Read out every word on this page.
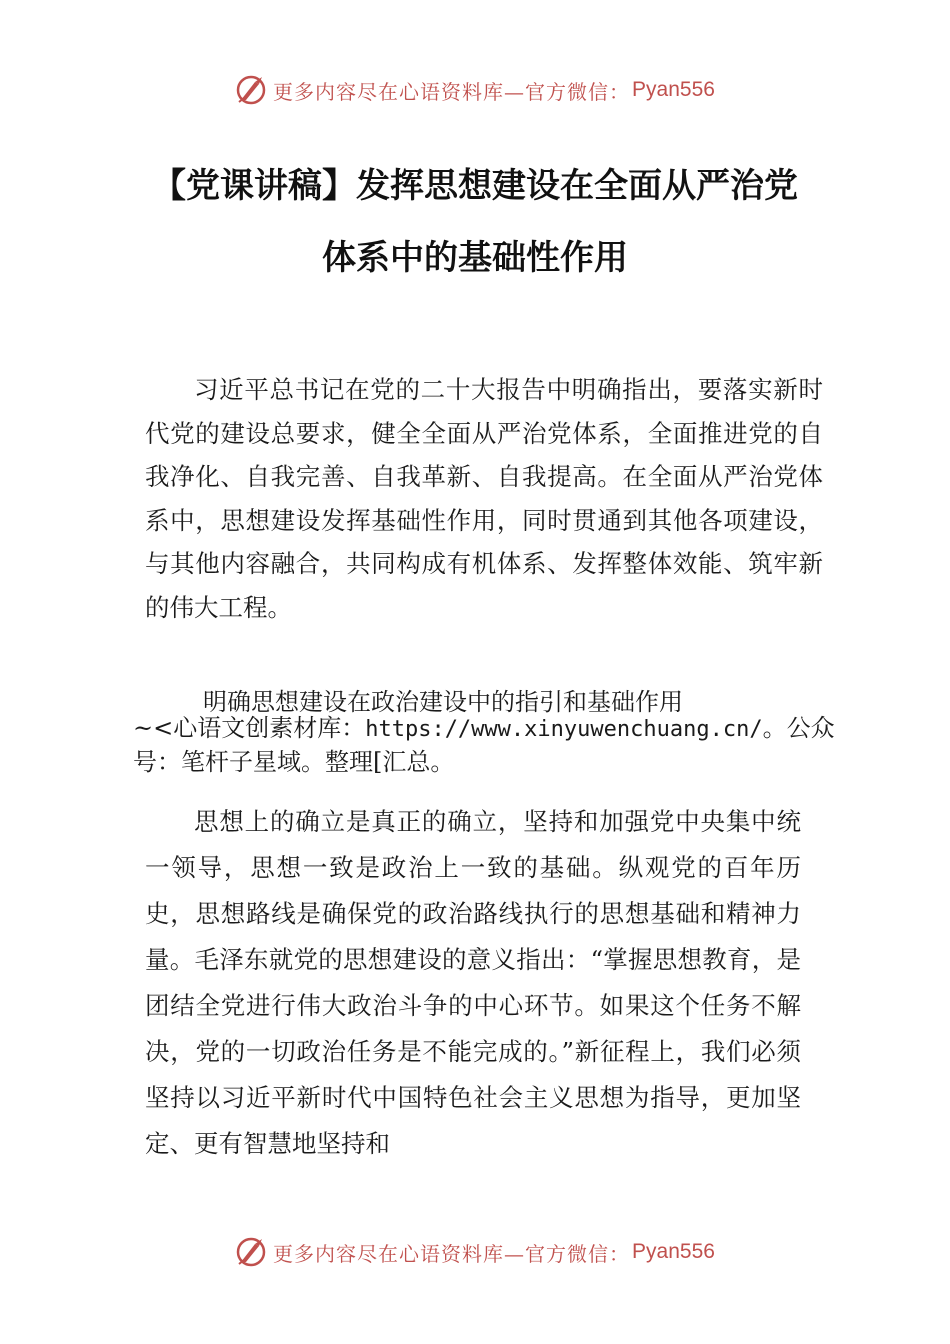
更多内容尽在心语资料库—官方微信： Pyan556
【党课讲稿】发挥思想建设在全面从严治党
体系中的基础性作用
习近平总书记在党的二十大报告中明确指出，要落实新时代党的建设总要求，健全全面从严治党体系，全面推进党的自我净化、自我完善、自我革新、自我提高。在全面从严治党体系中，思想建设发挥基础性作用，同时贯通到其他各项建设，与其他内容融合，共同构成有机体系、发挥整体效能、筑牢新的伟大工程。
明确思想建设在政治建设中的指引和基础作用
~<心语文创素材库：https://www.xinyuwenchuang.cn/。公众号：笔杆子星域。整理[汇总。
思想上的确立是真正的确立，坚持和加强党中央集中统一领导，思想一致是政治上一致的基础。纵观党的百年历史，思想路线是确保党的政治路线执行的思想基础和精神力量。毛泽东就党的思想建设的意义指出：“掌握思想教育，是团结全党进行伟大政治斗争的中心环节。如果这个任务不解决，党的一切政治任务是不能完成的。”新征程上，我们必须坚持以习近平新时代中国特色社会主义思想为指导，更加坚定、更有智慧地坚持和
更多内容尽在心语资料库—官方微信： Pyan556
